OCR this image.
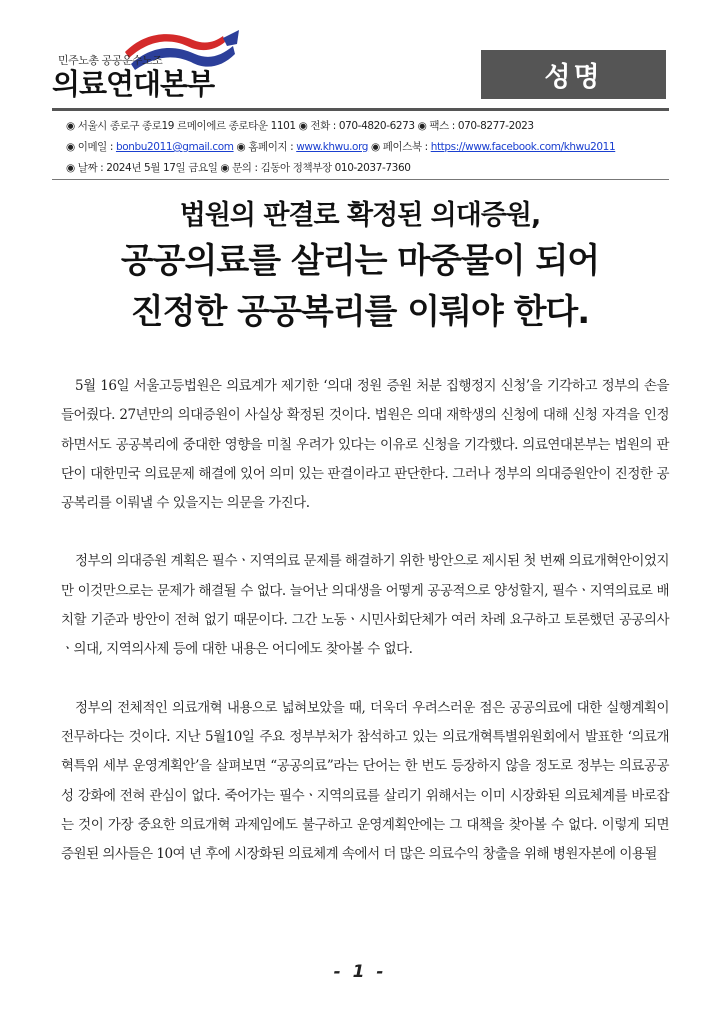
민주노총 공공운수노조
의료연대본부	성명
◉ 서울시 종로구 종로19 르메이에르 종로타운 1101 ◉ 전화 : 070-4820-6273 ◉ 팩스 : 070-8277-2023
◉ 이메일 : bonbu2011@gmail.com ◉ 홈페이지 : www.khwu.org ◉ 페이스북 : https://www.facebook.com/khwu2011
◉ 날짜 : 2024년 5월 17일 금요일 ◉ 문의 : 김동아 정책부장 010-2037-7360
법원의 판결로 확정된 의대증원,
공공의료를 살리는 마중물이 되어
진정한 공공복리를 이뤄야 한다.

5월 16일 서울고등법원은 의료계가 제기한 ‘의대 정원 증원 처분 집행정지 신청’을 기각하고 정부의 손을 들어줬다. 27년만의 의대증원이 사실상 확정된 것이다. 법원은 의대 재학생의 신청에 대해 신청 자격을 인정하면서도 공공복리에 중대한 영향을 미칠 우려가 있다는 이유로 신청을 기각했다. 의료연대본부는 법원의 판단이 대한민국 의료문제 해결에 있어 의미 있는 판결이라고 판단한다. 그러나 정부의 의대증원안이 진정한 공공복리를 이뤄낼 수 있을지는 의문을 가진다.

정부의 의대증원 계획은 필수ㆍ지역의료 문제를 해결하기 위한 방안으로 제시된 첫 번째 의료개혁안이었지만 이것만으로는 문제가 해결될 수 없다. 늘어난 의대생을 어떻게 공공적으로 양성할지, 필수ㆍ지역의료로 배치할 기준과 방안이 전혀 없기 때문이다. 그간 노동ㆍ시민사회단체가 여러 차례 요구하고 토론했던 공공의사ㆍ의대, 지역의사제 등에 대한 내용은 어디에도 찾아볼 수 없다.

정부의 전체적인 의료개혁 내용으로 넓혀보았을 때, 더욱더 우려스러운 점은 공공의료에 대한 실행계획이 전무하다는 것이다. 지난 5월10일 주요 정부부처가 참석하고 있는 의료개혁특별위원회에서 발표한 ‘의료개혁특위 세부 운영계획안’을 살펴보면 “공공의료”라는 단어는 한 번도 등장하지 않을 정도로 정부는 의료공공성 강화에 전혀 관심이 없다. 죽어가는 필수ㆍ지역의료를 살리기 위해서는 이미 시장화된 의료체계를 바로잡는 것이 가장 중요한 의료개혁 과제임에도 불구하고 운영계획안에는 그 대책을 찾아볼 수 없다. 이렇게 되면 증원된 의사들은 10여 년 후에 시장화된 의료체계 속에서 더 많은 의료수익 창출을 위해 병원자본에 이용될

- 1 -
